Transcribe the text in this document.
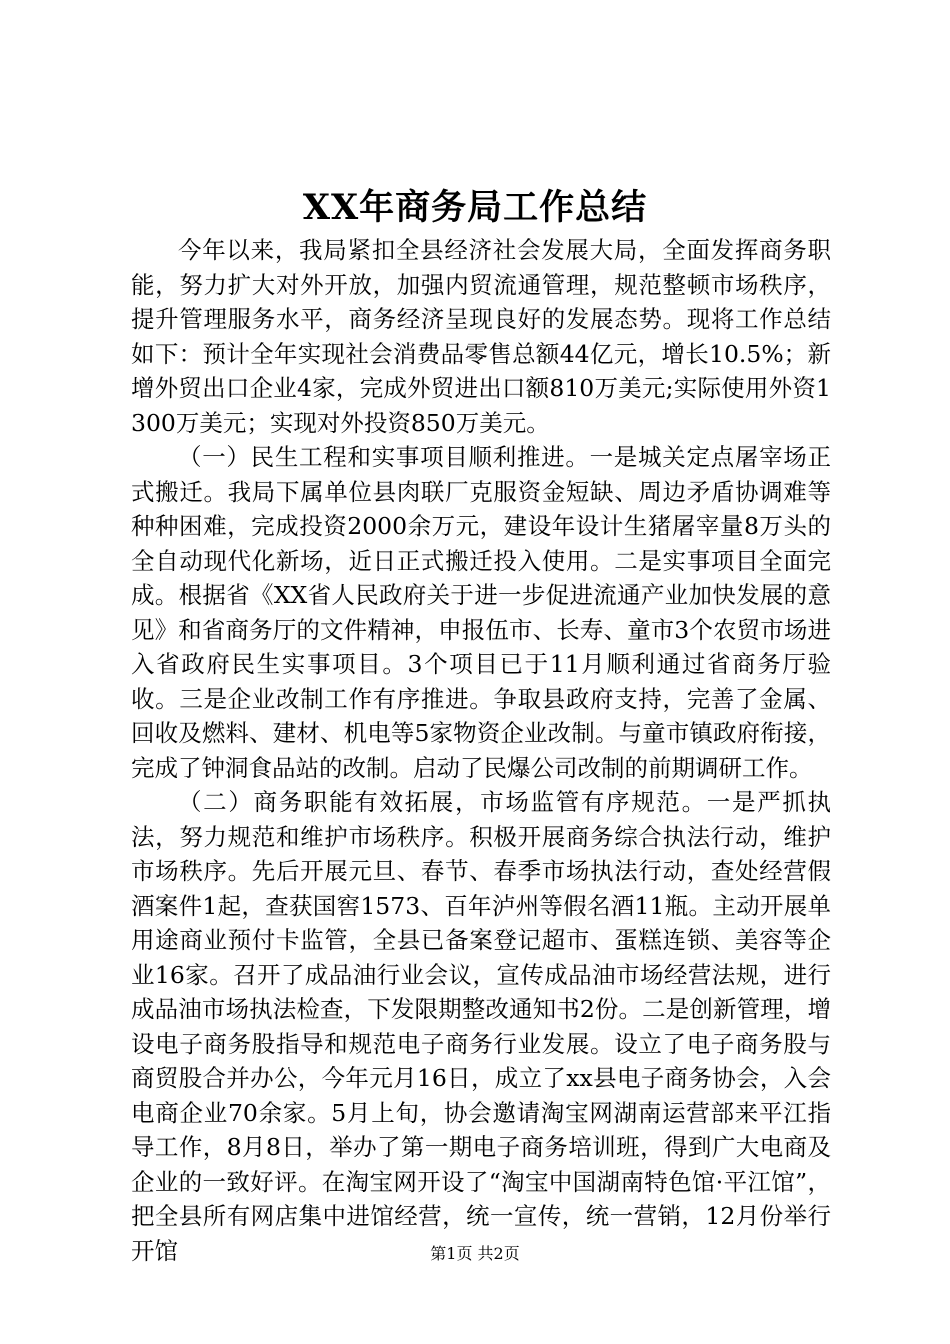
XX年商务局工作总结

今年以来，我局紧扣全县经济社会发展大局，全面发挥商务职能，努力扩大对外开放，加强内贸流通管理，规范整顿市场秩序，提升管理服务水平，商务经济呈现良好的发展态势。现将工作总结如下：预计全年实现社会消费品零售总额44亿元，增长10.5%；新增外贸出口企业4家，完成外贸进出口额810万美元;实际使用外资1300万美元；实现对外投资850万美元。

（一）民生工程和实事项目顺利推进。一是城关定点屠宰场正式搬迁。我局下属单位县肉联厂克服资金短缺、周边矛盾协调难等种种困难，完成投资2000余万元，建设年设计生猪屠宰量8万头的全自动现代化新场，近日正式搬迁投入使用。二是实事项目全面完成。根据省《XX省人民政府关于进一步促进流通产业加快发展的意见》和省商务厅的文件精神，申报伍市、长寿、童市3个农贸市场进入省政府民生实事项目。3个项目已于11月顺利通过省商务厅验收。三是企业改制工作有序推进。争取县政府支持，完善了金属、回收及燃料、建材、机电等5家物资企业改制。与童市镇政府衔接，完成了钟洞食品站的改制。启动了民爆公司改制的前期调研工作。

（二）商务职能有效拓展，市场监管有序规范。一是严抓执法，努力规范和维护市场秩序。积极开展商务综合执法行动，维护市场秩序。先后开展元旦、春节、春季市场执法行动，查处经营假酒案件1起，查获国窖1573、百年泸州等假名酒11瓶。主动开展单用途商业预付卡监管，全县已备案登记超市、蛋糕连锁、美容等企业16家。召开了成品油行业会议，宣传成品油市场经营法规，进行成品油市场执法检查，下发限期整改通知书2份。二是创新管理，增设电子商务股指导和规范电子商务行业发展。设立了电子商务股与商贸股合并办公，今年元月16日，成立了xx县电子商务协会，入会电商企业70余家。5月上旬，协会邀请淘宝网湖南运营部来平江指导工作，8月8日，举办了第一期电子商务培训班，得到广大电商及企业的一致好评。在淘宝网开设了“淘宝中国湖南特色馆·平江馆”，把全县所有网店集中进馆经营，统一宣传，统一营销，12月份举行开馆	第1页 共2页
